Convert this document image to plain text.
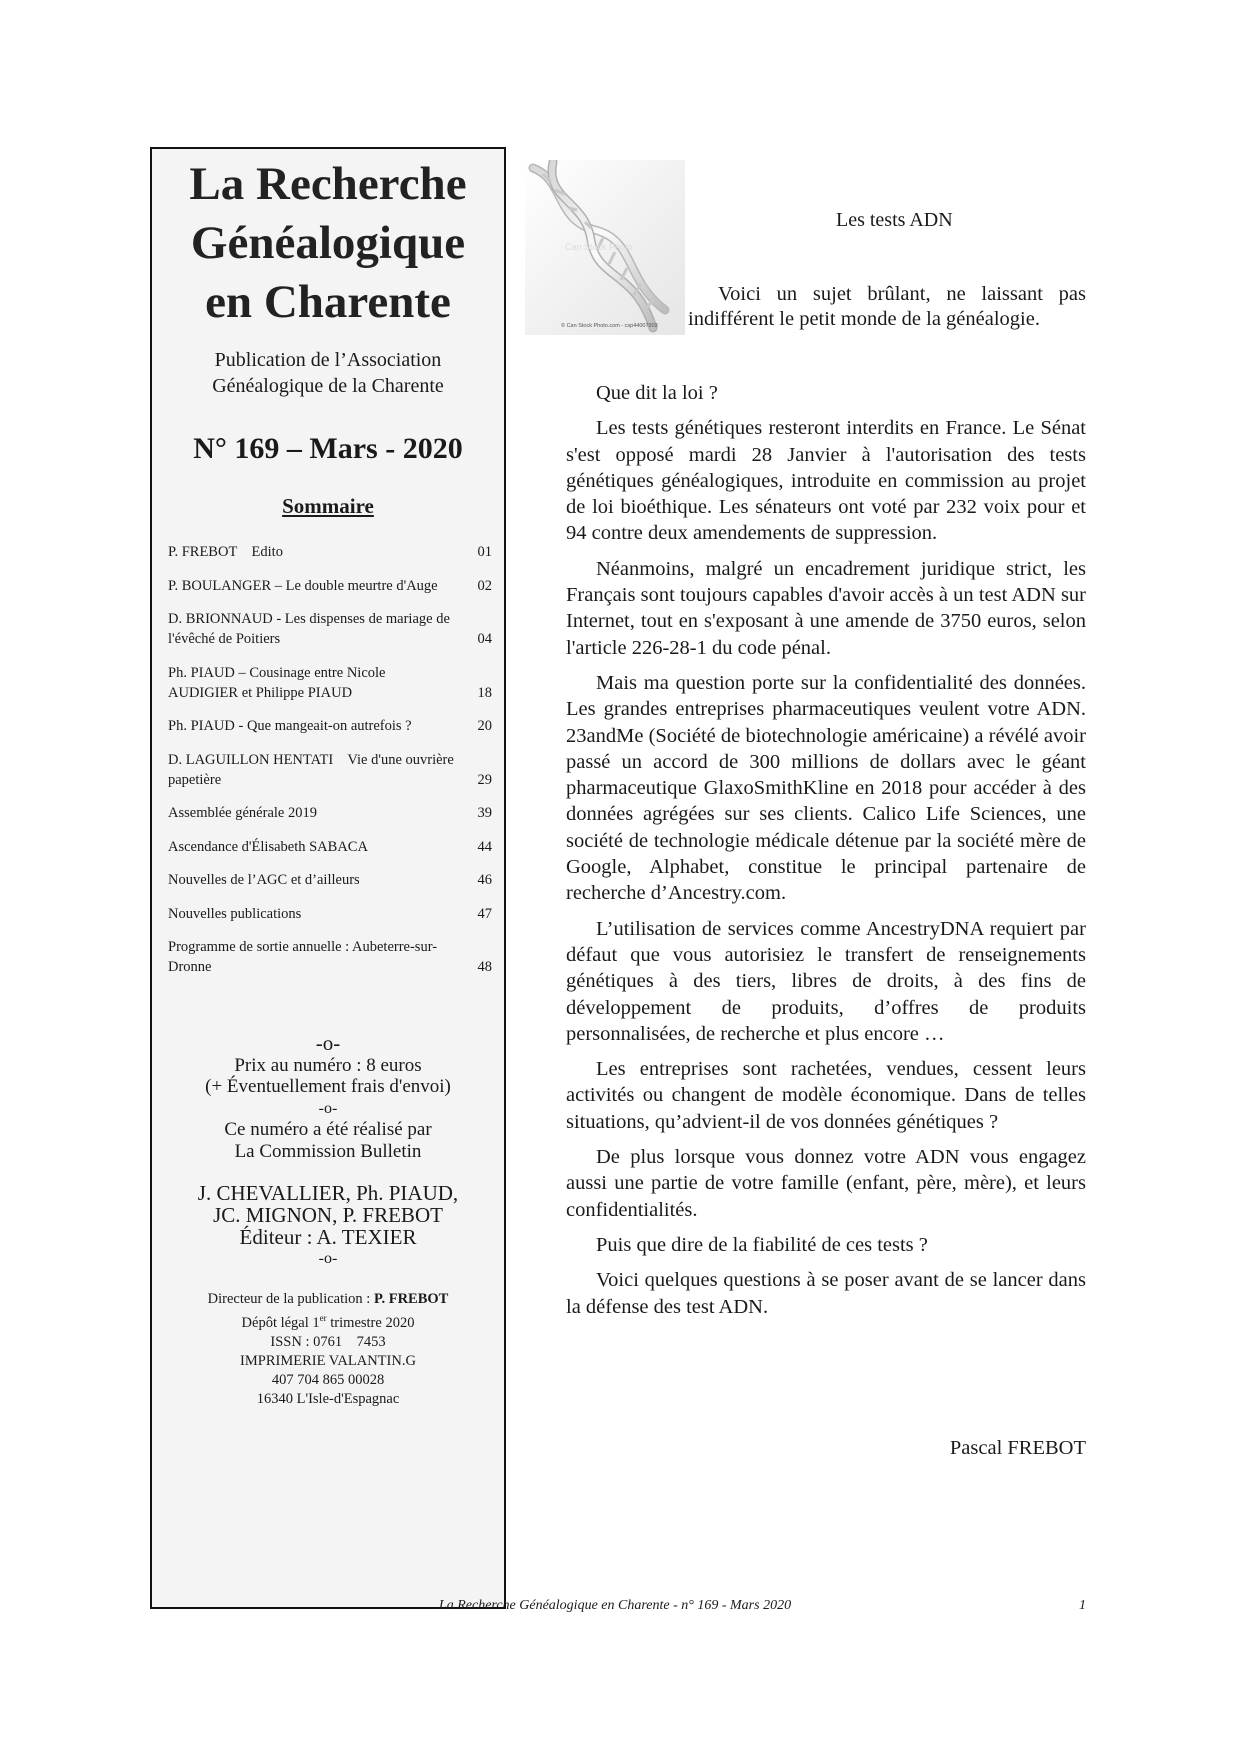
La Recherche
Généalogique
en Charente
Publication de l’Association
Généalogique de la Charente
N° 169 – Mars - 2020
Sommaire
P. FREBOT    Edito	01
P. BOULANGER – Le double meurtre d'Auge	02
D. BRIONNAUD - Les dispenses de mariage de l'évêché de Poitiers	04
Ph. PIAUD – Cousinage entre Nicole AUDIGIER et Philippe PIAUD	18
Ph. PIAUD - Que mangeait-on autrefois ?	20
D. LAGUILLON HENTATI    Vie d'une ouvrière papetière	29
Assemblée générale 2019	39
Ascendance d'Élisabeth SABACA	44
Nouvelles de l’AGC et d’ailleurs	46
Nouvelles publications	47
Programme de sortie annuelle : Aubeterre-sur-Dronne	48
-o-
Prix au numéro : 8 euros
(+ Éventuellement frais d'envoi)
-o-
Ce numéro a été réalisé par
La Commission Bulletin
J. CHEVALLIER, Ph. PIAUD,
JC. MIGNON, P. FREBOT
Éditeur : A. TEXIER
-o-
Directeur de la publication : P. FREBOT
Dépôt légal 1er trimestre 2020
ISSN : 0761    7453
IMPRIMERIE VALANTIN.G
407 704 865 00028
16340 L'Isle-d'Espagnac
Can Stock Photo
© Can Stock Photo.com - csp44007903
Les tests ADN
Voici un sujet brûlant, ne laissant pas indifférent le petit monde de la généalogie.

Que dit la loi ?

Les tests génétiques resteront interdits en France. Le Sénat s'est opposé mardi 28 Janvier à l'autorisation des tests génétiques généalogiques, introduite en commission au projet de loi bioéthique. Les sénateurs ont voté par 232 voix pour et 94 contre deux amendements de suppression.

Néanmoins, malgré un encadrement juridique strict, les Français sont toujours capables d'avoir accès à un test ADN sur Internet, tout en s'exposant à une amende de 3750 euros, selon l'article 226-28-1 du code pénal.

Mais ma question porte sur la confidentialité des données. Les grandes entreprises pharmaceutiques veulent votre ADN. 23andMe (Société de biotechnologie américaine) a révélé avoir passé un accord de 300 millions de dollars avec le géant pharmaceutique GlaxoSmithKline en 2018 pour accéder à des données agrégées sur ses clients. Calico Life Sciences, une société de technologie médicale détenue par la société mère de Google, Alphabet, constitue le principal partenaire de recherche d’Ancestry.com.

L’utilisation de services comme AncestryDNA requiert par défaut que vous autorisiez le transfert de renseignements génétiques à des tiers, libres de droits, à des fins de développement de produits, d’offres de produits personnalisées, de recherche et plus encore …

Les entreprises sont rachetées, vendues, cessent leurs activités ou changent de modèle économique. Dans de telles situations, qu’advient-il de vos données génétiques ?

De plus lorsque vous donnez votre ADN vous engagez aussi une partie de votre famille (enfant, père, mère), et leurs confidentialités.

Puis que dire de la fiabilité de ces tests ?

Voici quelques questions à se poser avant de se lancer dans la défense des test ADN.

Pascal FREBOT
La Recherche Généalogique en Charente - n° 169 - Mars 2020	1
